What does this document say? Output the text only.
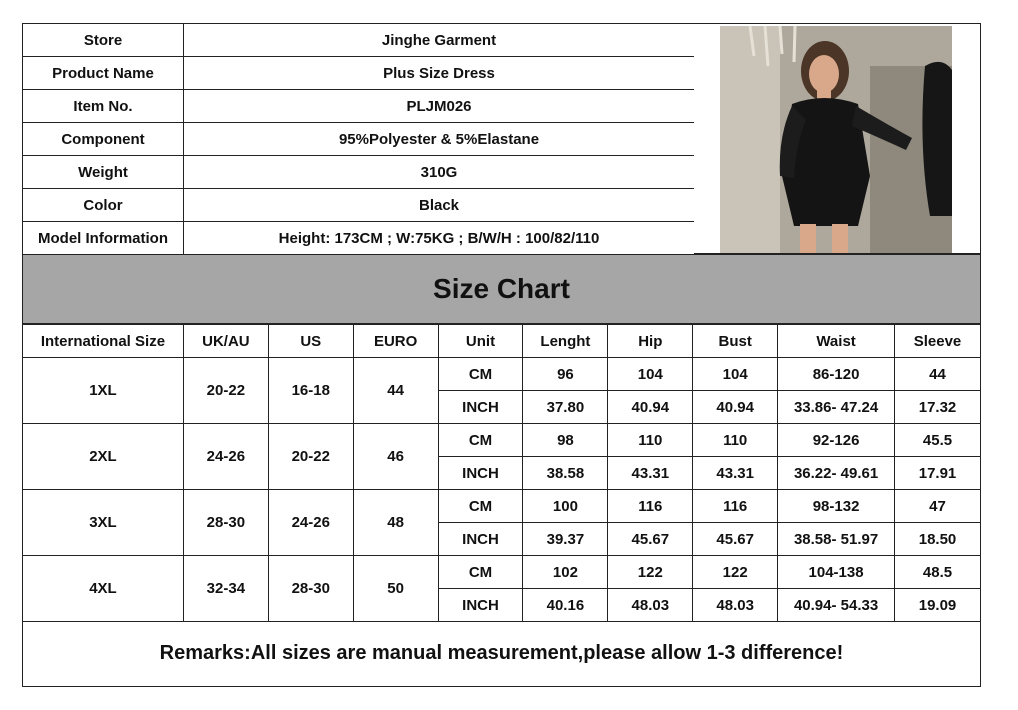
Store	Jinghe Garment
Product Name	Plus Size Dress
Item No.	PLJM026
Component	95%Polyester & 5%Elastane
Weight	310G
Color	Black
Model Information	Height: 173CM ; W:75KG ; B/W/H : 100/82/110
Size Chart
International Size	UK/AU	US	EURO	Unit	Lenght	Hip	Bust	Waist	Sleeve
1XL	20-22	16-18	44	CM	96	104	104	86-120	44
				INCH	37.80	40.94	40.94	33.86- 47.24	17.32
2XL	24-26	20-22	46	CM	98	110	110	92-126	45.5
				INCH	38.58	43.31	43.31	36.22- 49.61	17.91
3XL	28-30	24-26	48	CM	100	116	116	98-132	47
				INCH	39.37	45.67	45.67	38.58- 51.97	18.50
4XL	32-34	28-30	50	CM	102	122	122	104-138	48.5
				INCH	40.16	48.03	48.03	40.94- 54.33	19.09
Remarks:All sizes are manual measurement,please allow 1-3 difference!
